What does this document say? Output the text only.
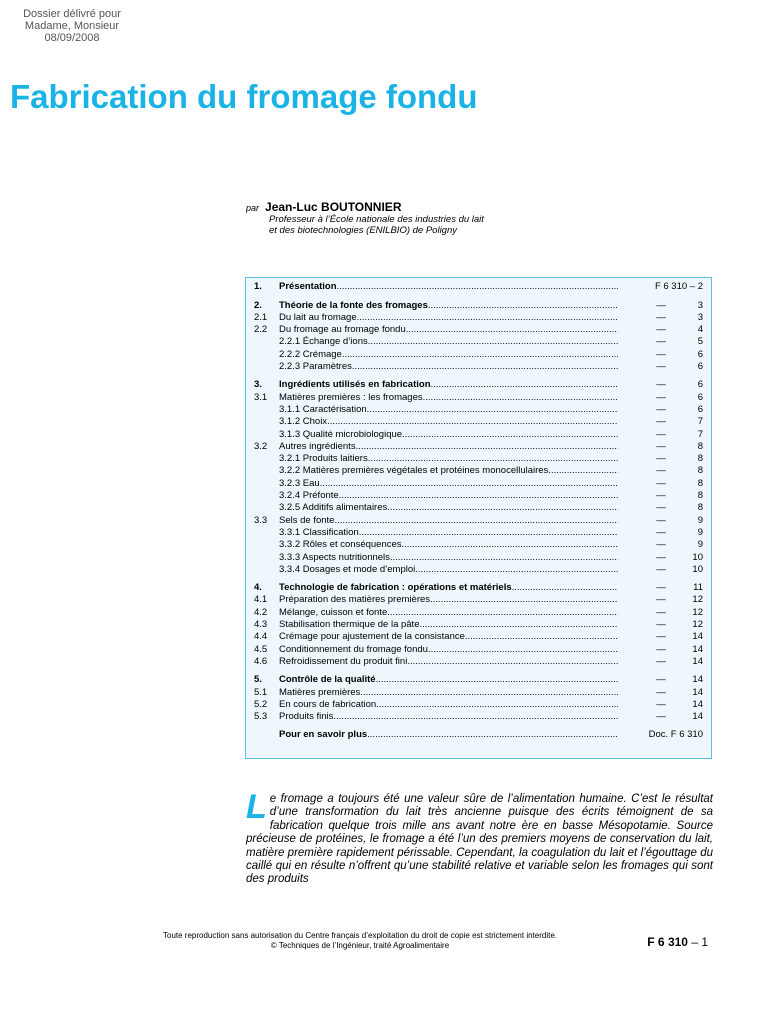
Dossier délivré pour
Madame, Monsieur
08/09/2008
Fabrication du fromage fondu
par Jean-Luc BOUTONNIER
Professeur à l’École nationale des industries du lait
et des biotechnologies (ENILBIO) de Poligny
1.	Présentation .....	F 6 310 – 2
2.	Théorie de la fonte des fromages .....	—	3
2.1	Du lait au fromage .....	—	3
2.2	Du fromage au fromage fondu .....	—	4
2.2.1 Échange d’ions .....	—	5
2.2.2 Crémage .....	—	6
2.2.3 Paramètres .....	—	6
3.	Ingrédients utilisés en fabrication .....	—	6
3.1	Matières premières : les fromages .....	—	6
3.1.1 Caractérisation .....	—	6
3.1.2 Choix .....	—	7
3.1.3 Qualité microbiologique .....	—	7
3.2	Autres ingrédients .....	—	8
3.2.1 Produits laitiers .....	—	8
3.2.2 Matières premières végétales et protéines monocellulaires .....	—	8
3.2.3 Eau .....	—	8
3.2.4 Préfonte .....	—	8
3.2.5 Additifs alimentaires .....	—	8
3.3	Sels de fonte .....	—	9
3.3.1 Classification .....	—	9
3.3.2 Rôles et conséquences .....	—	9
3.3.3 Aspects nutritionnels .....	—	10
3.3.4 Dosages et mode d’emploi .....	—	10
4.	Technologie de fabrication : opérations et matériels .....	—	11
4.1	Préparation des matières premières .....	—	12
4.2	Mélange, cuisson et fonte .....	—	12
4.3	Stabilisation thermique de la pâte .....	—	12
4.4	Crémage pour ajustement de la consistance .....	—	14
4.5	Conditionnement du fromage fondu .....	—	14
4.6	Refroidissement du produit fini .....	—	14
5.	Contrôle de la qualité .....	—	14
5.1	Matières premières .....	—	14
5.2	En cours de fabrication .....	—	14
5.3	Produits finis .....	—	14
Pour en savoir plus .....	Doc. F 6 310
Le fromage a toujours été une valeur sûre de l’alimentation humaine. C’est le résultat d’une transformation du lait très ancienne puisque des écrits témoignent de sa fabrication quelque trois mille ans avant notre ère en basse Mésopotamie. Source précieuse de protéines, le fromage a été l’un des premiers moyens de conservation du lait, matière première rapidement périssable. Cependant, la coagulation du lait et l’égouttage du caillé qui en résulte n’offrent qu’une stabilité relative et variable selon les fromages qui sont des produits
Toute reproduction sans autorisation du Centre français d’exploitation du droit de copie est strictement interdite.
© Techniques de l’Ingénieur, traité Agroalimentaire	F 6 310 – 1
